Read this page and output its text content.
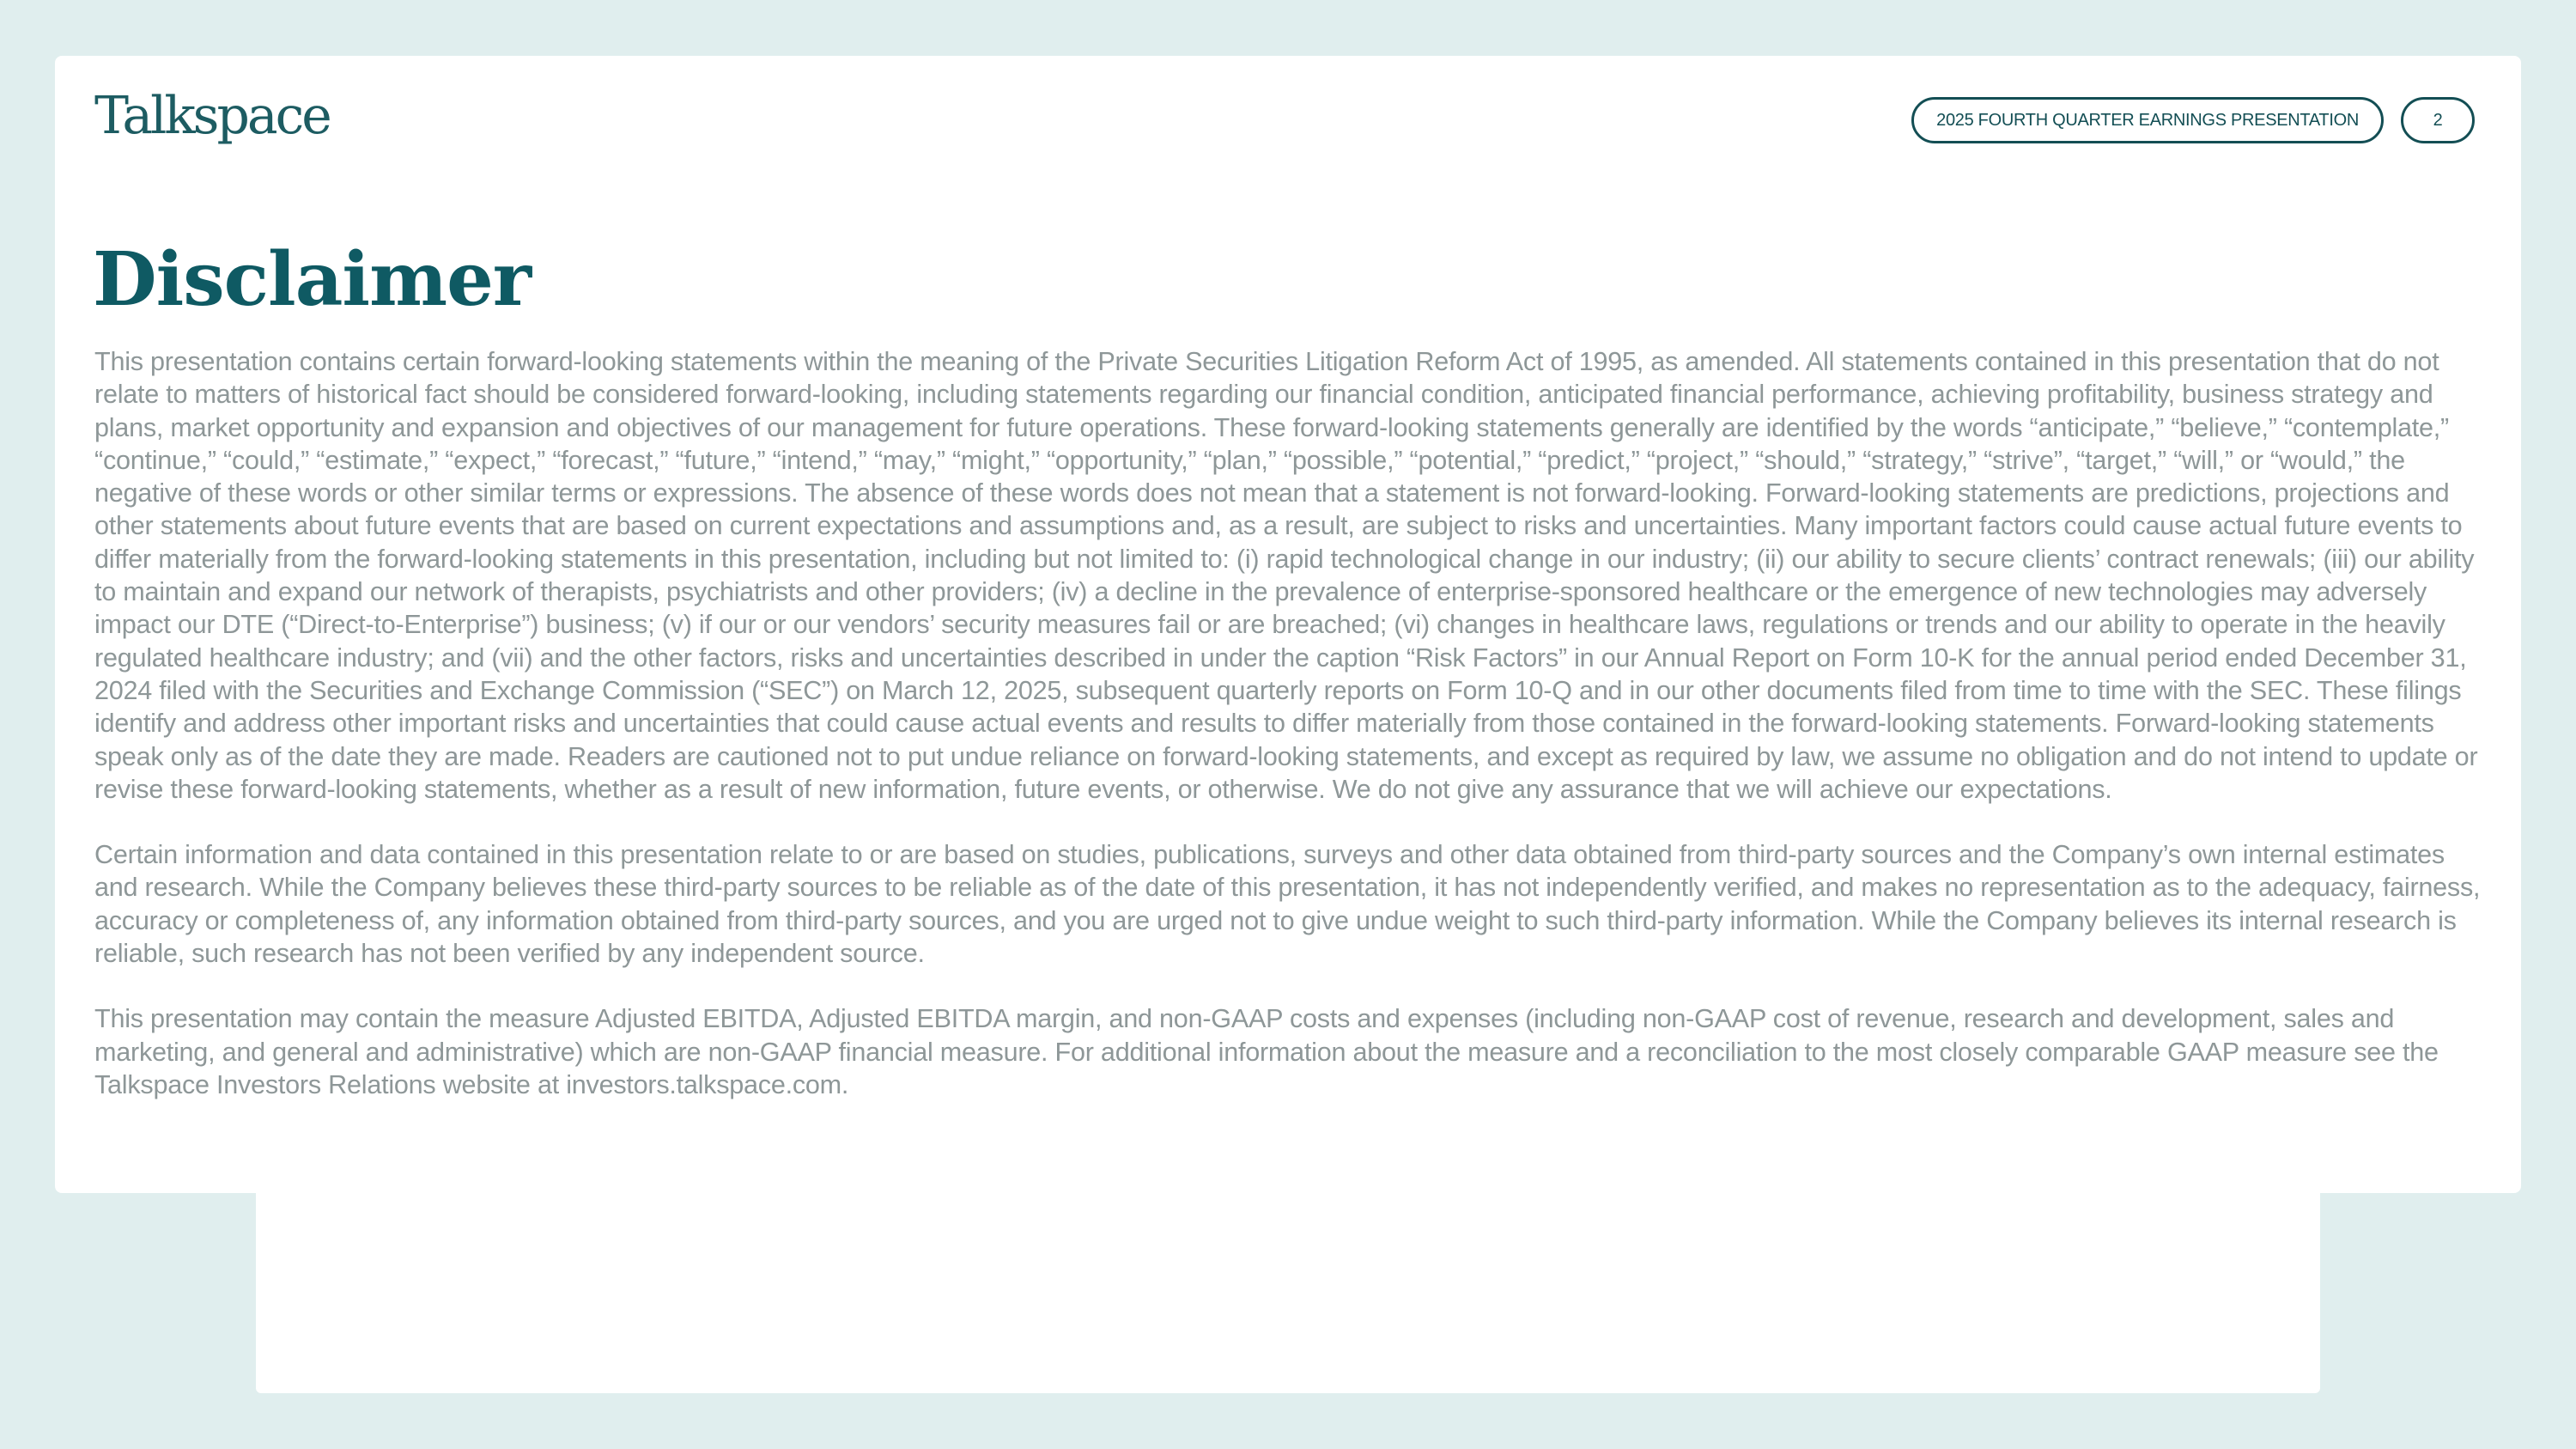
Talkspace	2025 FOURTH QUARTER EARNINGS PRESENTATION	2
Disclaimer

This presentation contains certain forward-looking statements within the meaning of the Private Securities Litigation Reform Act of 1995, as amended. All statements contained in this presentation that do not relate to matters of historical fact should be considered forward-looking, including statements regarding our financial condition, anticipated financial performance, achieving profitability, business strategy and plans, market opportunity and expansion and objectives of our management for future operations. These forward-looking statements generally are identified by the words “anticipate,” “believe,” “contemplate,” “continue,” “could,” “estimate,” “expect,” “forecast,” “future,” “intend,” “may,” “might,” “opportunity,” “plan,” “possible,” “potential,” “predict,” “project,” “should,” “strategy,” “strive”, “target,” “will,” or “would,” the negative of these words or other similar terms or expressions. The absence of these words does not mean that a statement is not forward-looking. Forward-looking statements are predictions, projections and other statements about future events that are based on current expectations and assumptions and, as a result, are subject to risks and uncertainties. Many important factors could cause actual future events to differ materially from the forward-looking statements in this presentation, including but not limited to: (i) rapid technological change in our industry; (ii) our ability to secure clients’ contract renewals; (iii) our ability to maintain and expand our network of therapists, psychiatrists and other providers; (iv) a decline in the prevalence of enterprise-sponsored healthcare or the emergence of new technologies may adversely impact our DTE (“Direct-to-Enterprise”) business; (v) if our or our vendors’ security measures fail or are breached; (vi) changes in healthcare laws, regulations or trends and our ability to operate in the heavily regulated healthcare industry; and (vii) and the other factors, risks and uncertainties described in under the caption “Risk Factors” in our Annual Report on Form 10-K for the annual period ended December 31, 2024 filed with the Securities and Exchange Commission (“SEC”) on March 12, 2025, subsequent quarterly reports on Form 10-Q and in our other documents filed from time to time with the SEC. These filings identify and address other important risks and uncertainties that could cause actual events and results to differ materially from those contained in the forward-looking statements. Forward-looking statements speak only as of the date they are made. Readers are cautioned not to put undue reliance on forward-looking statements, and except as required by law, we assume no obligation and do not intend to update or revise these forward-looking statements, whether as a result of new information, future events, or otherwise. We do not give any assurance that we will achieve our expectations.

Certain information and data contained in this presentation relate to or are based on studies, publications, surveys and other data obtained from third-party sources and the Company’s own internal estimates and research. While the Company believes these third-party sources to be reliable as of the date of this presentation, it has not independently verified, and makes no representation as to the adequacy, fairness, accuracy or completeness of, any information obtained from third-party sources, and you are urged not to give undue weight to such third-party information. While the Company believes its internal research is reliable, such research has not been verified by any independent source.

This presentation may contain the measure Adjusted EBITDA, Adjusted EBITDA margin, and non-GAAP costs and expenses (including non-GAAP cost of revenue, research and development, sales and marketing, and general and administrative) which are non-GAAP financial measure. For additional information about the measure and a reconciliation to the most closely comparable GAAP measure see the Talkspace Investors Relations website at investors.talkspace.com.
